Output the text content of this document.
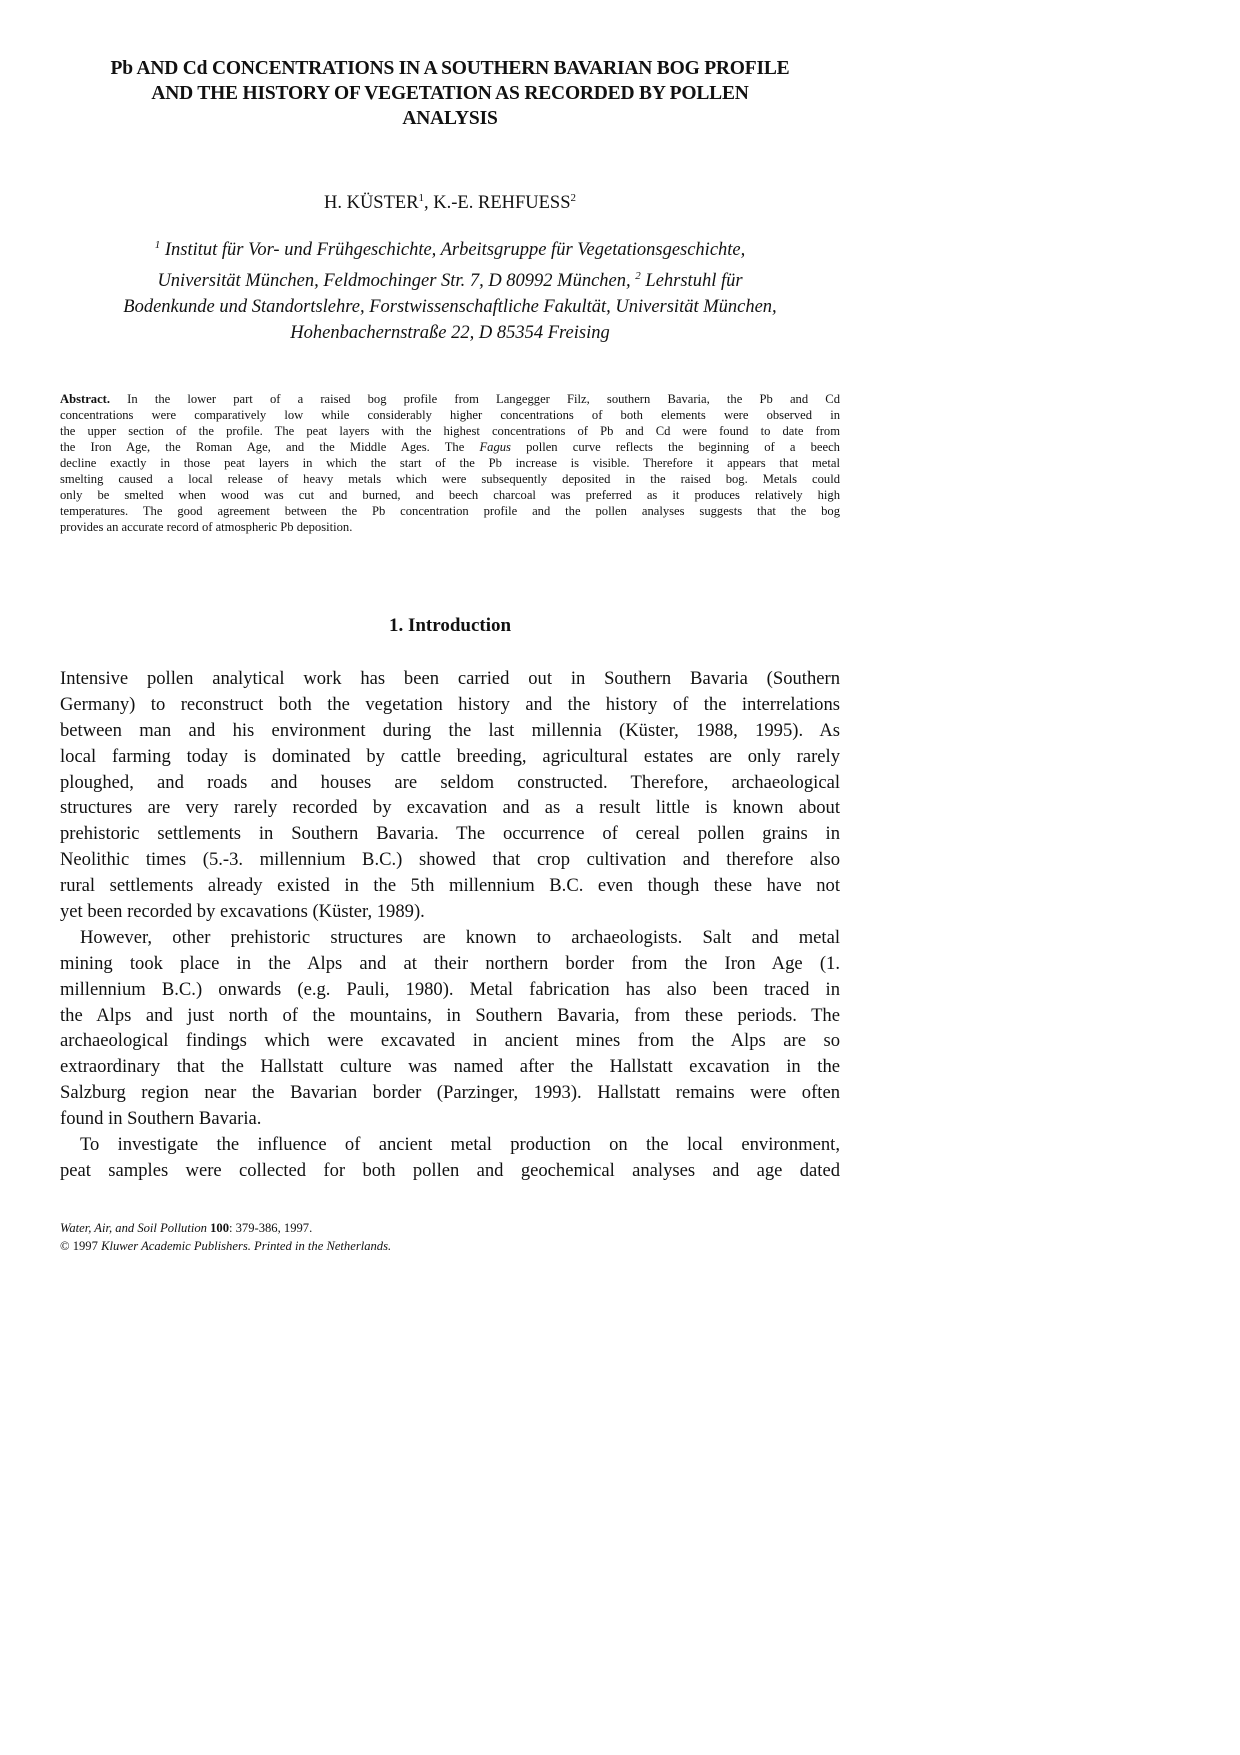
Pb AND Cd CONCENTRATIONS IN A SOUTHERN BAVARIAN BOG PROFILE
AND THE HISTORY OF VEGETATION AS RECORDED BY POLLEN
ANALYSIS
H. KÜSTER$^1$, K.-E. REHFUESS$^2$
$^1$ Institut für Vor- und Frühgeschichte, Arbeitsgruppe für Vegetationsgeschichte,
Universität München, Feldmochinger Str. 7, D 80992 München, $^2$ Lehrstuhl für
Bodenkunde und Standortslehre, Forstwissenschaftliche Fakultät, Universität München,
Hohenbachernstraße 22, D 85354 Freising
Abstract. In the lower part of a raised bog profile from Langegger Filz, southern Bavaria, the Pb and Cd
concentrations were comparatively low while considerably higher concentrations of both elements were observed in
the upper section of the profile. The peat layers with the highest concentrations of Pb and Cd were found to date from
the Iron Age, the Roman Age, and the Middle Ages. The Fagus pollen curve reflects the beginning of a beech
decline exactly in those peat layers in which the start of the Pb increase is visible. Therefore it appears that metal
smelting caused a local release of heavy metals which were subsequently deposited in the raised bog. Metals could
only be smelted when wood was cut and burned, and beech charcoal was preferred as it produces relatively high
temperatures. The good agreement between the Pb concentration profile and the pollen analyses suggests that the bog
provides an accurate record of atmospheric Pb deposition.
1. Introduction
Intensive pollen analytical work has been carried out in Southern Bavaria (Southern
Germany) to reconstruct both the vegetation history and the history of the interrelations
between man and his environment during the last millennia (Küster, 1988, 1995). As
local farming today is dominated by cattle breeding, agricultural estates are only rarely
ploughed, and roads and houses are seldom constructed. Therefore, archaeological
structures are very rarely recorded by excavation and as a result little is known about
prehistoric settlements in Southern Bavaria. The occurrence of cereal pollen grains in
Neolithic times (5.-3. millennium B.C.) showed that crop cultivation and therefore also
rural settlements already existed in the 5th millennium B.C. even though these have not
yet been recorded by excavations (Küster, 1989).
However, other prehistoric structures are known to archaeologists. Salt and metal
mining took place in the Alps and at their northern border from the Iron Age (1.
millennium B.C.) onwards (e.g. Pauli, 1980). Metal fabrication has also been traced in
the Alps and just north of the mountains, in Southern Bavaria, from these periods. The
archaeological findings which were excavated in ancient mines from the Alps are so
extraordinary that the Hallstatt culture was named after the Hallstatt excavation in the
Salzburg region near the Bavarian border (Parzinger, 1993). Hallstatt remains were often
found in Southern Bavaria.
To investigate the influence of ancient metal production on the local environment,
peat samples were collected for both pollen and geochemical analyses and age dated
Water, Air, and Soil Pollution 100: 379-386, 1997.
© 1997 Kluwer Academic Publishers. Printed in the Netherlands.
